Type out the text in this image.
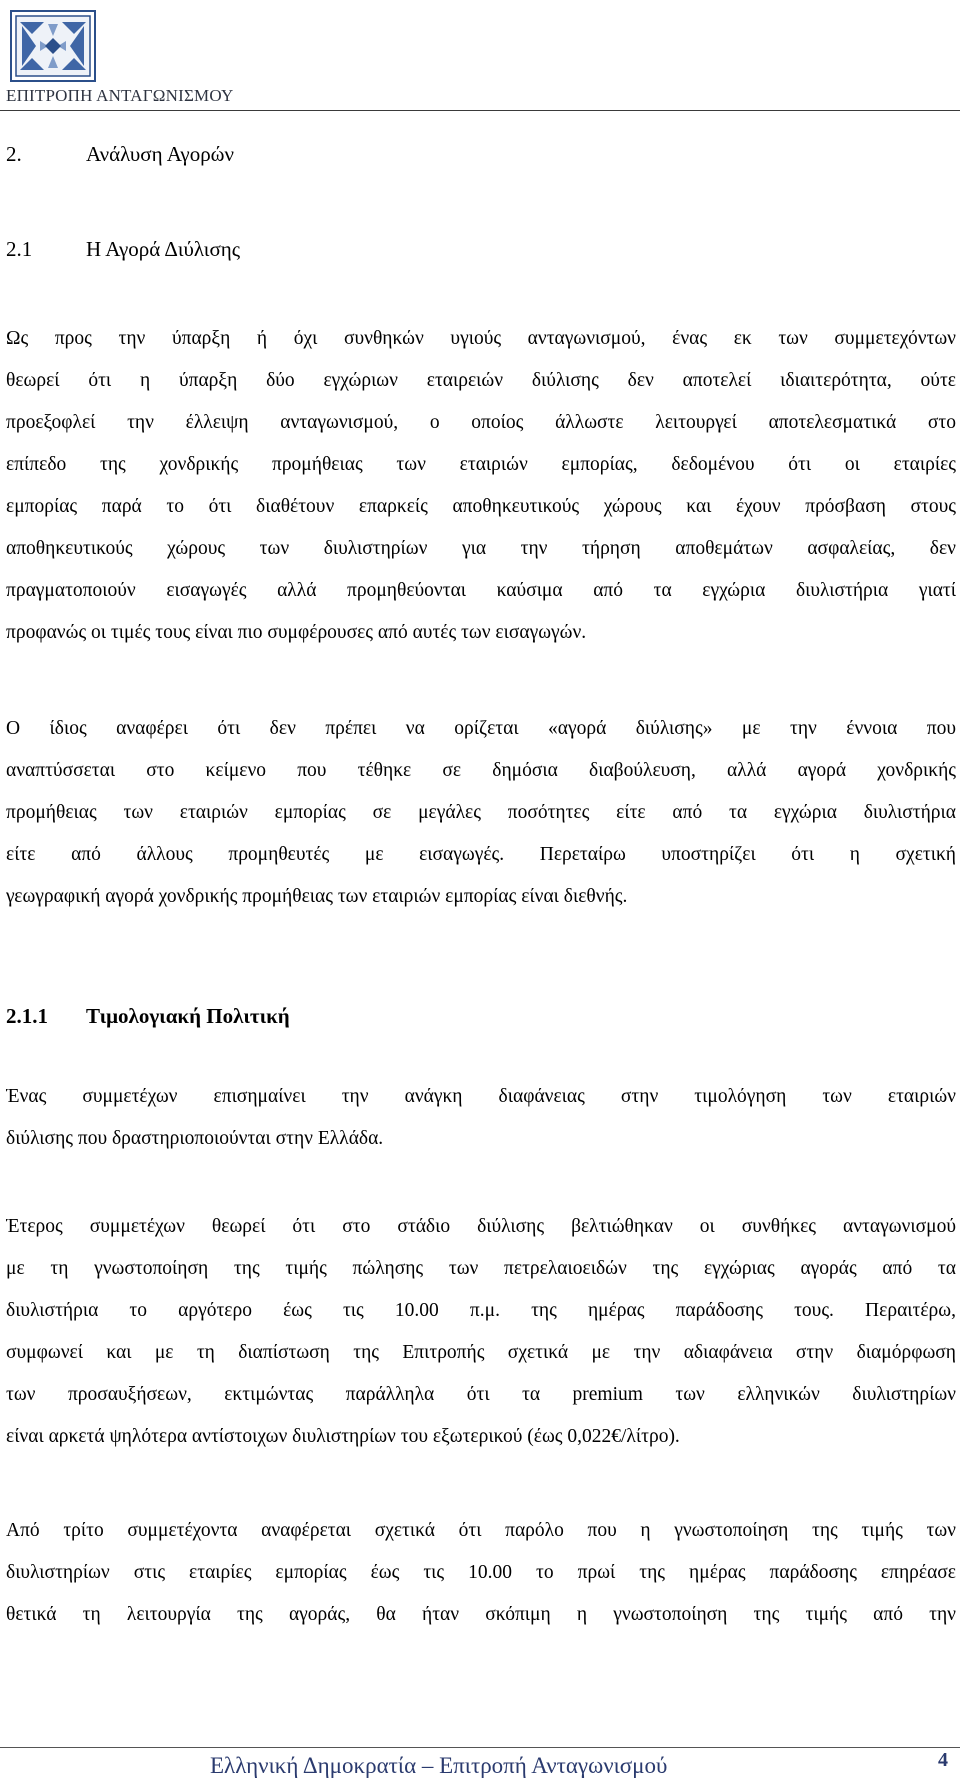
ΕΠΙΤΡΟΠΗ ΑΝΤΑΓΩΝΙΣΜΟΥ
2.	Ανάλυση Αγορών
2.1	Η Αγορά Διύλισης
Ως προς την ύπαρξη ή όχι συνθηκών υγιούς ανταγωνισμού, ένας εκ των συμμετεχόντων
θεωρεί ότι η ύπαρξη δύο εγχώριων εταιρειών διύλισης δεν αποτελεί ιδιαιτερότητα, ούτε
προεξοφλεί την έλλειψη ανταγωνισμού, ο οποίος άλλωστε λειτουργεί αποτελεσματικά στο
επίπεδο της χονδρικής προμήθειας των εταιριών εμπορίας, δεδομένου ότι οι εταιρίες
εμπορίας παρά το ότι διαθέτουν επαρκείς αποθηκευτικούς χώρους και έχουν πρόσβαση στους
αποθηκευτικούς χώρους των διυλιστηρίων για την τήρηση αποθεμάτων ασφαλείας, δεν
πραγματοποιούν εισαγωγές αλλά προμηθεύονται καύσιμα από τα εγχώρια διυλιστήρια γιατί
προφανώς οι τιμές τους είναι πιο συμφέρουσες από αυτές των εισαγωγών.
Ο ίδιος αναφέρει ότι δεν πρέπει να ορίζεται «αγορά διύλισης» με την έννοια που
αναπτύσσεται στο κείμενο που τέθηκε σε δημόσια διαβούλευση, αλλά αγορά χονδρικής
προμήθειας των εταιριών εμπορίας σε μεγάλες ποσότητες είτε από τα εγχώρια διυλιστήρια
είτε από άλλους προμηθευτές με εισαγωγές. Περεταίρω υποστηρίζει ότι η σχετική
γεωγραφική αγορά χονδρικής προμήθειας των εταιριών εμπορίας είναι διεθνής.
2.1.1 Τιμολογιακή Πολιτική
Ένας συμμετέχων επισημαίνει την ανάγκη διαφάνειας στην τιμολόγηση των εταιριών
διύλισης που δραστηριοποιούνται στην Ελλάδα.
Έτερος συμμετέχων θεωρεί ότι στο στάδιο διύλισης βελτιώθηκαν οι συνθήκες ανταγωνισμού
με τη γνωστοποίηση της τιμής πώλησης των πετρελαιοειδών της εγχώριας αγοράς από τα
διυλιστήρια το αργότερο έως τις 10.00 π.μ. της ημέρας παράδοσης τους. Περαιτέρω,
συμφωνεί και με τη διαπίστωση της Επιτροπής σχετικά με την αδιαφάνεια στην διαμόρφωση
των προσαυξήσεων, εκτιμώντας παράλληλα ότι τα premium των ελληνικών διυλιστηρίων
είναι αρκετά ψηλότερα αντίστοιχων διυλιστηρίων του εξωτερικού (έως 0,022€/λίτρο).
Από τρίτο συμμετέχοντα αναφέρεται σχετικά ότι παρόλο που η γνωστοποίηση της τιμής των
διυλιστηρίων στις εταιρίες εμπορίας έως τις 10.00 το πρωί της ημέρας παράδοσης επηρέασε
θετικά τη λειτουργία της αγοράς, θα ήταν σκόπιμη η γνωστοποίηση της τιμής από την
Ελληνική Δημοκρατία – Επιτροπή Ανταγωνισμού	4
